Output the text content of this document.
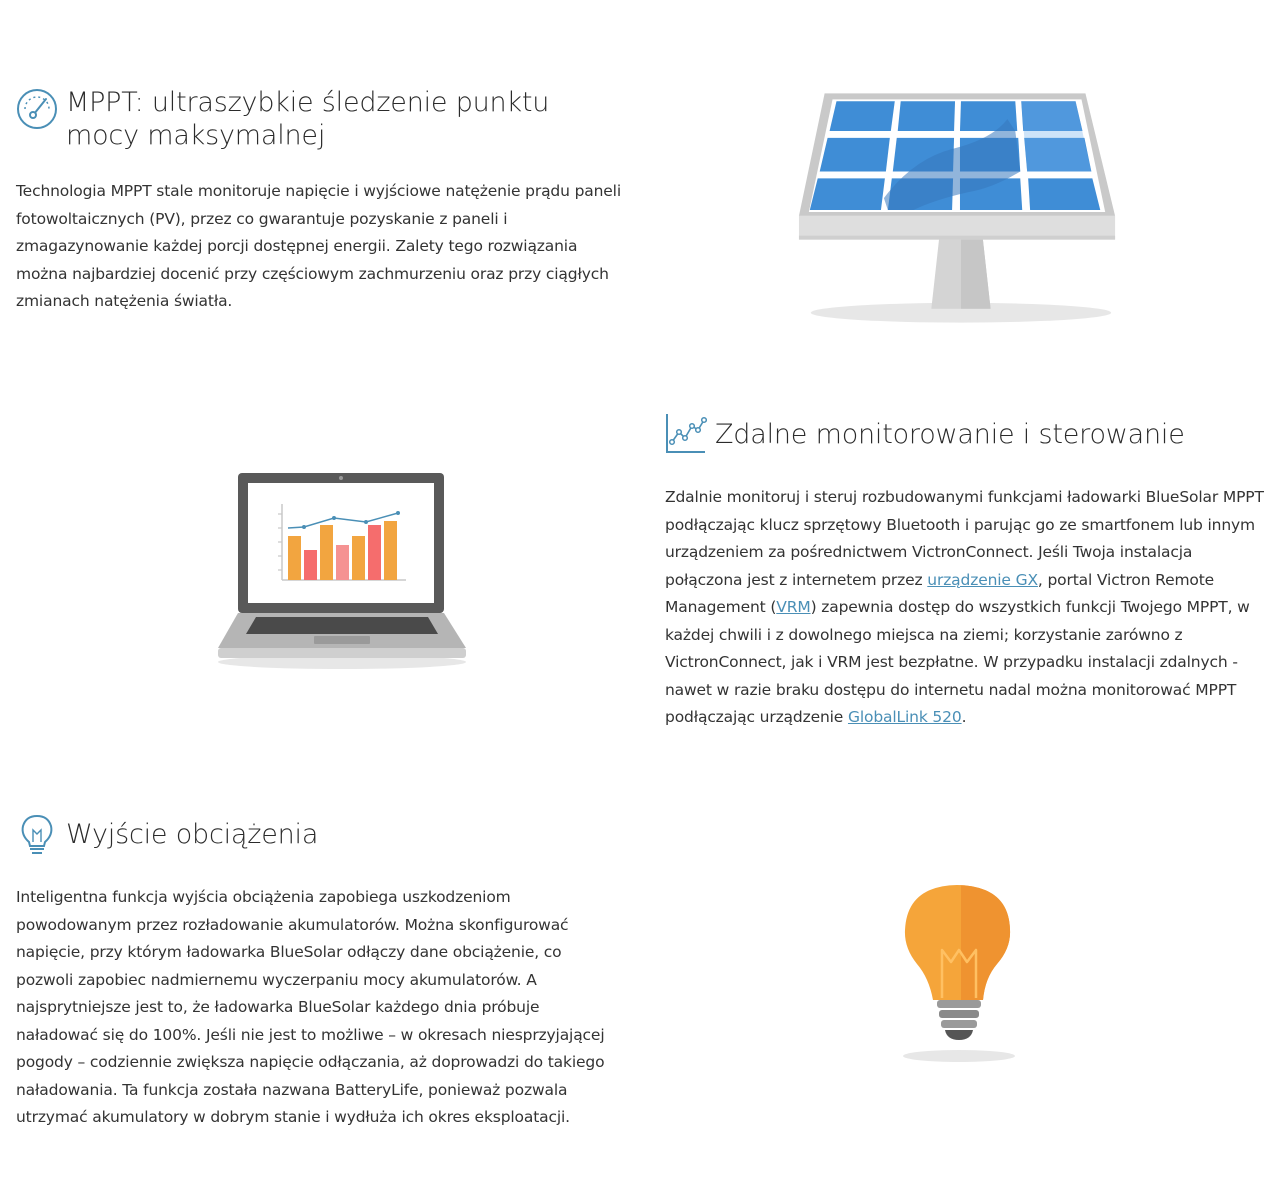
MPPT: ultraszybkie śledzenie punktu mocy maksymalnej

Technologia MPPT stale monitoruje napięcie i wyjściowe natężenie prądu paneli fotowoltaicznych (PV), przez co gwarantuje pozyskanie z paneli i zmagazynowanie każdej porcji dostępnej energii. Zalety tego rozwiązania można najbardziej docenić przy częściowym zachmurzeniu oraz przy ciągłych zmianach natężenia światła.

Zdalne monitorowanie i sterowanie

Zdalnie monitoruj i steruj rozbudowanymi funkcjami ładowarki BlueSolar MPPT podłączając klucz sprzętowy Bluetooth i parując go ze smartfonem lub innym urządzeniem za pośrednictwem VictronConnect. Jeśli Twoja instalacja połączona jest z internetem przez urządzenie GX, portal Victron Remote Management (VRM) zapewnia dostęp do wszystkich funkcji Twojego MPPT, w każdej chwili i z dowolnego miejsca na ziemi; korzystanie zarówno z VictronConnect, jak i VRM jest bezpłatne. W przypadku instalacji zdalnych - nawet w razie braku dostępu do internetu nadal można monitorować MPPT podłączając urządzenie GlobalLink 520.

Wyjście obciążenia

Inteligentna funkcja wyjścia obciążenia zapobiega uszkodzeniom powodowanym przez rozładowanie akumulatorów. Można skonfigurować napięcie, przy którym ładowarka BlueSolar odłączy dane obciążenie, co pozwoli zapobiec nadmiernemu wyczerpaniu mocy akumulatorów. A najsprytniejsze jest to, że ładowarka BlueSolar każdego dnia próbuje naładować się do 100%. Jeśli nie jest to możliwe – w okresach niesprzyjającej pogody – codziennie zwiększa napięcie odłączania, aż doprowadzi do takiego naładowania. Ta funkcja została nazwana BatteryLife, ponieważ pozwala utrzymać akumulatory w dobrym stanie i wydłuża ich okres eksploatacji.
